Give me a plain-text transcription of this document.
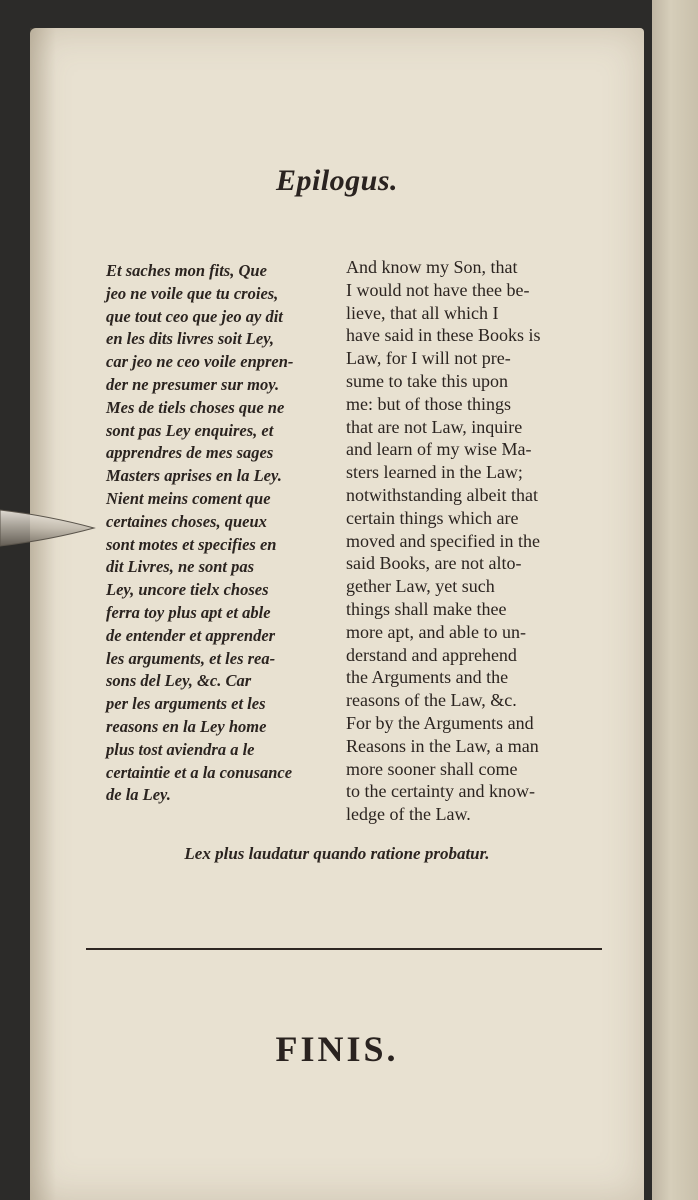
Epilogus.

Et saches mon fits, Que
jeo ne voile que tu croies,
que tout ceo que jeo ay dit
en les dits livres soit Ley,
car jeo ne ceo voile enpren-
der ne presumer sur moy.
Mes de tiels choses que ne
sont pas Ley enquires, et
apprendres de mes sages
Masters aprises en la Ley.
Nient meins coment que
certaines choses, queux
sont motes et specifies en
dit Livres, ne sont pas
Ley, uncore tielx choses
ferra toy plus apt et able
de entender et apprender
les arguments, et les rea-
sons del Ley, &c. Car
per les arguments et les
reasons en la Ley home
plus tost aviendra a le
certaintie et a la conusance
de la Ley.

And know my Son, that
I would not have thee be-
lieve, that all which I
have said in these Books is
Law, for I will not pre-
sume to take this upon
me: but of those things
that are not Law, inquire
and learn of my wise Ma-
sters learned in the Law;
notwithstanding albeit that
certain things which are
moved and specified in the
said Books, are not alto-
gether Law, yet such
things shall make thee
more apt, and able to un-
derstand and apprehend
the Arguments and the
reasons of the Law, &c.
For by the Arguments and
Reasons in the Law, a man
more sooner shall come
to the certainty and know-
ledge of the Law.

Lex plus laudatur quando ratione probatur.
FINIS.
